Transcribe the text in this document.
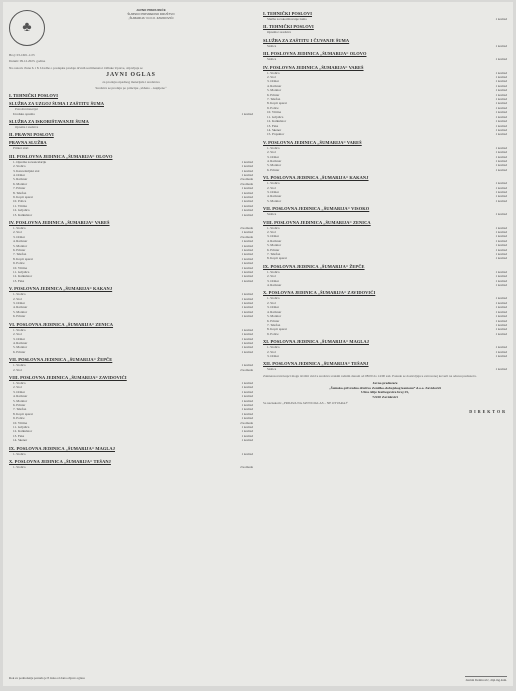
♣
JAVNO PREDUZEĆE
ŠUMSKO PRIVREDNO DRUŠTVO
„ŠUMARIJA“ D.O.O. ZAVIDOVIĆI
Broj: 03-1601-1/23
Datum: 09.12.2023. godine
Na osnovu člana 6. i 8. Uredbe o postupku prodaje drvnih sortimenata i Odluke Uprave, objavljuje se
JAVNI OGLAS
za prodaju otpadnog materijala i sredstava
Sredstva se prodaju po principu „viđeno – kupljeno“
I. TEHNIČKI POSLOVI
SLUŽBA ZA UZGOJ ŠUMA I ZAŠTITU ŠUMA
Potrošni materijal
Uredska oprema	1 komad
SLUŽBA ZA ISKORIŠTAVANJE ŠUMA
Oprema i sredstva
II. PRAVNI POSLOVI
PRAVNA SLUŽBA
Printer stari
III. POSLOVNA JEDINICA „ŠUMARIJA“ OLOVO
1. Oprema za kancelariju	1 komad
2. Stolica	1 komad
3. Kancelarijski stol	1 komad
4. Ormar	1 komad
5. Računar	2 komada
6. Monitor	2 komada
7. Printer	1 komad
8. Telefon	1 komad
9. Kopir aparat	1 komad
10. Police	1 komad
11. Vitrina	1 komad
12. Grijalica	1 komad
13. Kalkulator	1 komad
IV. POSLOVNA JEDINICA „ŠUMARIJA“ VAREŠ
1. Stolica	2 komada
2. Stol	1 komad
3. Ormar	2 komada
4. Računar	1 komad
5. Monitor	1 komad
6. Printer	1 komad
7. Telefon	1 komad
8. Kopir aparat	1 komad
9. Police	1 komad
10. Vitrina	1 komad
11. Grijalica	1 komad
12. Kalkulator	1 komad
13. Faks	1 komad
V. POSLOVNA JEDINICA „ŠUMARIJA“ KAKANJ
1. Stolica	1 komad
2. Stol	1 komad
3. Ormar	1 komad
4. Računar	1 komad
5. Monitor	1 komad
6. Printer	1 komad
VI. POSLOVNA JEDINICA „ŠUMARIJA“ ZENICA
1. Stolica	1 komad
2. Stol	1 komad
3. Ormar	1 komad
4. Računar	1 komad
5. Monitor	1 komad
6. Printer	1 komad
VII. POSLOVNA JEDINICA „ŠUMARIJA“ ŽEPČE
1. Stolica	1 komad
2. Stol	2 komada
VIII. POSLOVNA JEDINICA „ŠUMARIJA“ ZAVIDOVIĆI
1. Stolica	1 komad
2. Stol	1 komad
3. Ormar	1 komad
4. Računar	1 komad
5. Monitor	1 komad
6. Printer	1 komad
7. Telefon	1 komad
8. Kopir aparat	1 komad
9. Police	1 komad
10. Vitrina	2 komada
11. Grijalica	1 komad
12. Kalkulator	1 komad
13. Faks	1 komad
14. Skener	1 komad
IX. POSLOVNA JEDINICA „ŠUMARIJA“ MAGLAJ
1. Stolica	1 komad
X. POSLOVNA JEDINICA „ŠUMARIJA“ TEŠANJ
1. Stolica	2 komada
I. TEHNIČKI POSLOVI
Služba za iskorištavanje šuma	1 komad
II. TEHNIČKI POSLOVI
Oprema i sredstva
SLUŽBA ZA ZAŠTITU I ČUVANJE ŠUMA
Stolica	1 komad
III. POSLOVNA JEDINICA „ŠUMARIJA“ OLOVO
Stolica	1 komad
IV. POSLOVNA JEDINICA „ŠUMARIJA“ VAREŠ
1. Stolica	1 komad
2. Stol	1 komad
3. Ormar	1 komad
4. Računar	1 komad
5. Monitor	1 komad
6. Printer	1 komad
7. Telefon	1 komad
8. Kopir aparat	1 komad
9. Police	1 komad
10. Vitrina	1 komad
11. Grijalica	1 komad
12. Kalkulator	1 komad
13. Faks	1 komad
14. Skener	1 komad
15. Projektor	1 komad
V. POSLOVNA JEDINICA „ŠUMARIJA“ VAREŠ
1. Stolica	1 komad
2. Stol	1 komad
3. Ormar	1 komad
4. Računar	1 komad
5. Monitor	1 komad
6. Printer	1 komad
VI. POSLOVNA JEDINICA „ŠUMARIJA“ KAKANJ
1. Stolica	1 komad
2. Stol	1 komad
3. Ormar	1 komad
4. Računar	1 komad
5. Monitor	1 komad
VII. POSLOVNA JEDINICA „ŠUMARIJA“ VISOKO
Stolica	1 komad
VIII. POSLOVNA JEDINICA „ŠUMARIJA“ ZENICA
1. Stolica	1 komad
2. Stol	1 komad
3. Ormar	1 komad
4. Računar	1 komad
5. Monitor	1 komad
6. Printer	1 komad
7. Telefon	1 komad
8. Kopir aparat	1 komad
IX. POSLOVNA JEDINICA „ŠUMARIJA“ ŽEPČE
1. Stolica	1 komad
2. Stol	1 komad
3. Ormar	1 komad
4. Računar	1 komad
X. POSLOVNA JEDINICA „ŠUMARIJA“ ZAVIDOVIĆI
1. Stolica	1 komad
2. Stol	1 komad
3. Ormar	1 komad
4. Računar	1 komad
5. Monitor	1 komad
6. Printer	1 komad
7. Telefon	1 komad
8. Kopir aparat	1 komad
9. Police	1 komad
XI. POSLOVNA JEDINICA „ŠUMARIJA“ MAGLAJ
1. Stolica	1 komad
2. Stol	1 komad
3. Ormar	1 komad
XII. POSLOVNA JEDINICA „ŠUMARIJA“ TEŠANJ
Stolica	1 komad
Zainteresovani kupci mogu izvršiti uvid u sredstva svakim radnim danom od 08:00 do 14:00 sati. Ponude se dostavljaju u zatvorenoj koverti na adresu preduzeća.
Javno preduzeće
„Šumsko-privredno društvo Zeničko-dobojskog kantona“ d.o.o. Zavidovići
Ulica Alije Izetbegovića broj 25,
72220 Zavidovići
Sa naznakom: „PRIJAVA NA JAVNI OGLAS – NE OTVARAJ“
DIREKTOR
Rok za podnošenje ponuda je 8 dana od dana objave oglasa	Jasmin Demirović, dipl.ing.šum.
